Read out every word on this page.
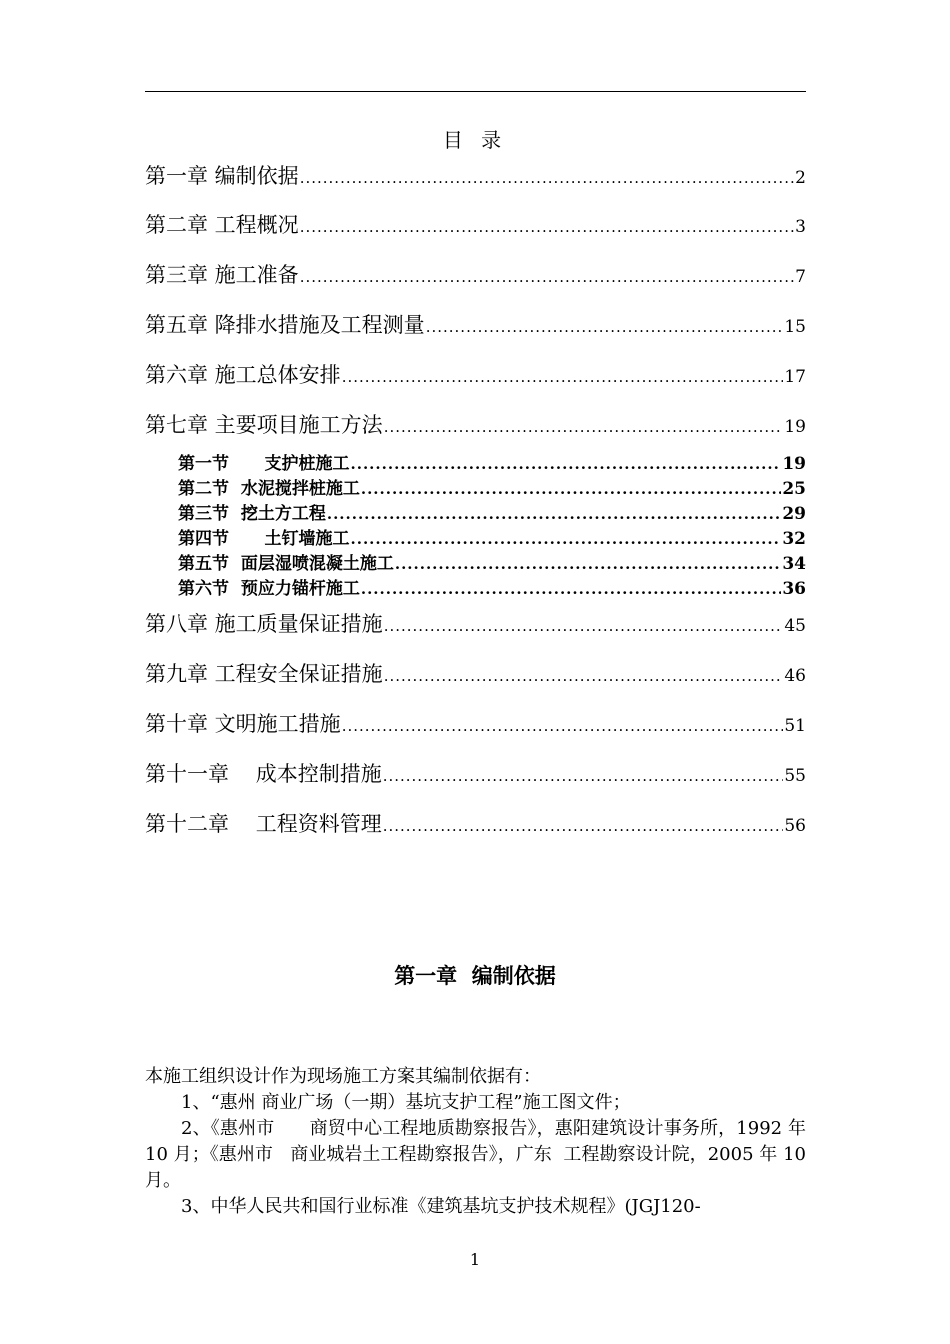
目 录
第一章 编制依据 .....	2
第二章 工程概况 .....	3
第三章 施工准备 .....	7
第五章 降排水措施及工程测量 .....	15
第六章 施工总体安排 .....	17
第七章 主要项目施工方法 .....	19
第一节      支护桩施工 .....	19
第二节  水泥搅拌桩施工 .....	25
第三节  挖土方工程 .....	29
第四节      土钉墙施工 .....	32
第五节  面层湿喷混凝土施工 .....	34
第六节  预应力锚杆施工 .....	36
第八章 施工质量保证措施 .....	45
第九章 工程安全保证措施 .....	46
第十章 文明施工措施 .....	51
第十一章    成本控制措施 .....	55
第十二章    工程资料管理 .....	56
第一章  编制依据

本施工组织设计作为现场施工方案其编制依据有：

1、“惠州 商业广场（一期）基坑支护工程”施工图文件；

2、《惠州市      商贸中心工程地质勘察报告》，惠阳建筑设计事务所，1992 年 10 月；《惠州市   商业城岩土工程勘察报告》，广东  工程勘察设计院，2005 年 10 月。

3、中华人民共和国行业标准《建筑基坑支护技术规程》(JGJ120-

1
